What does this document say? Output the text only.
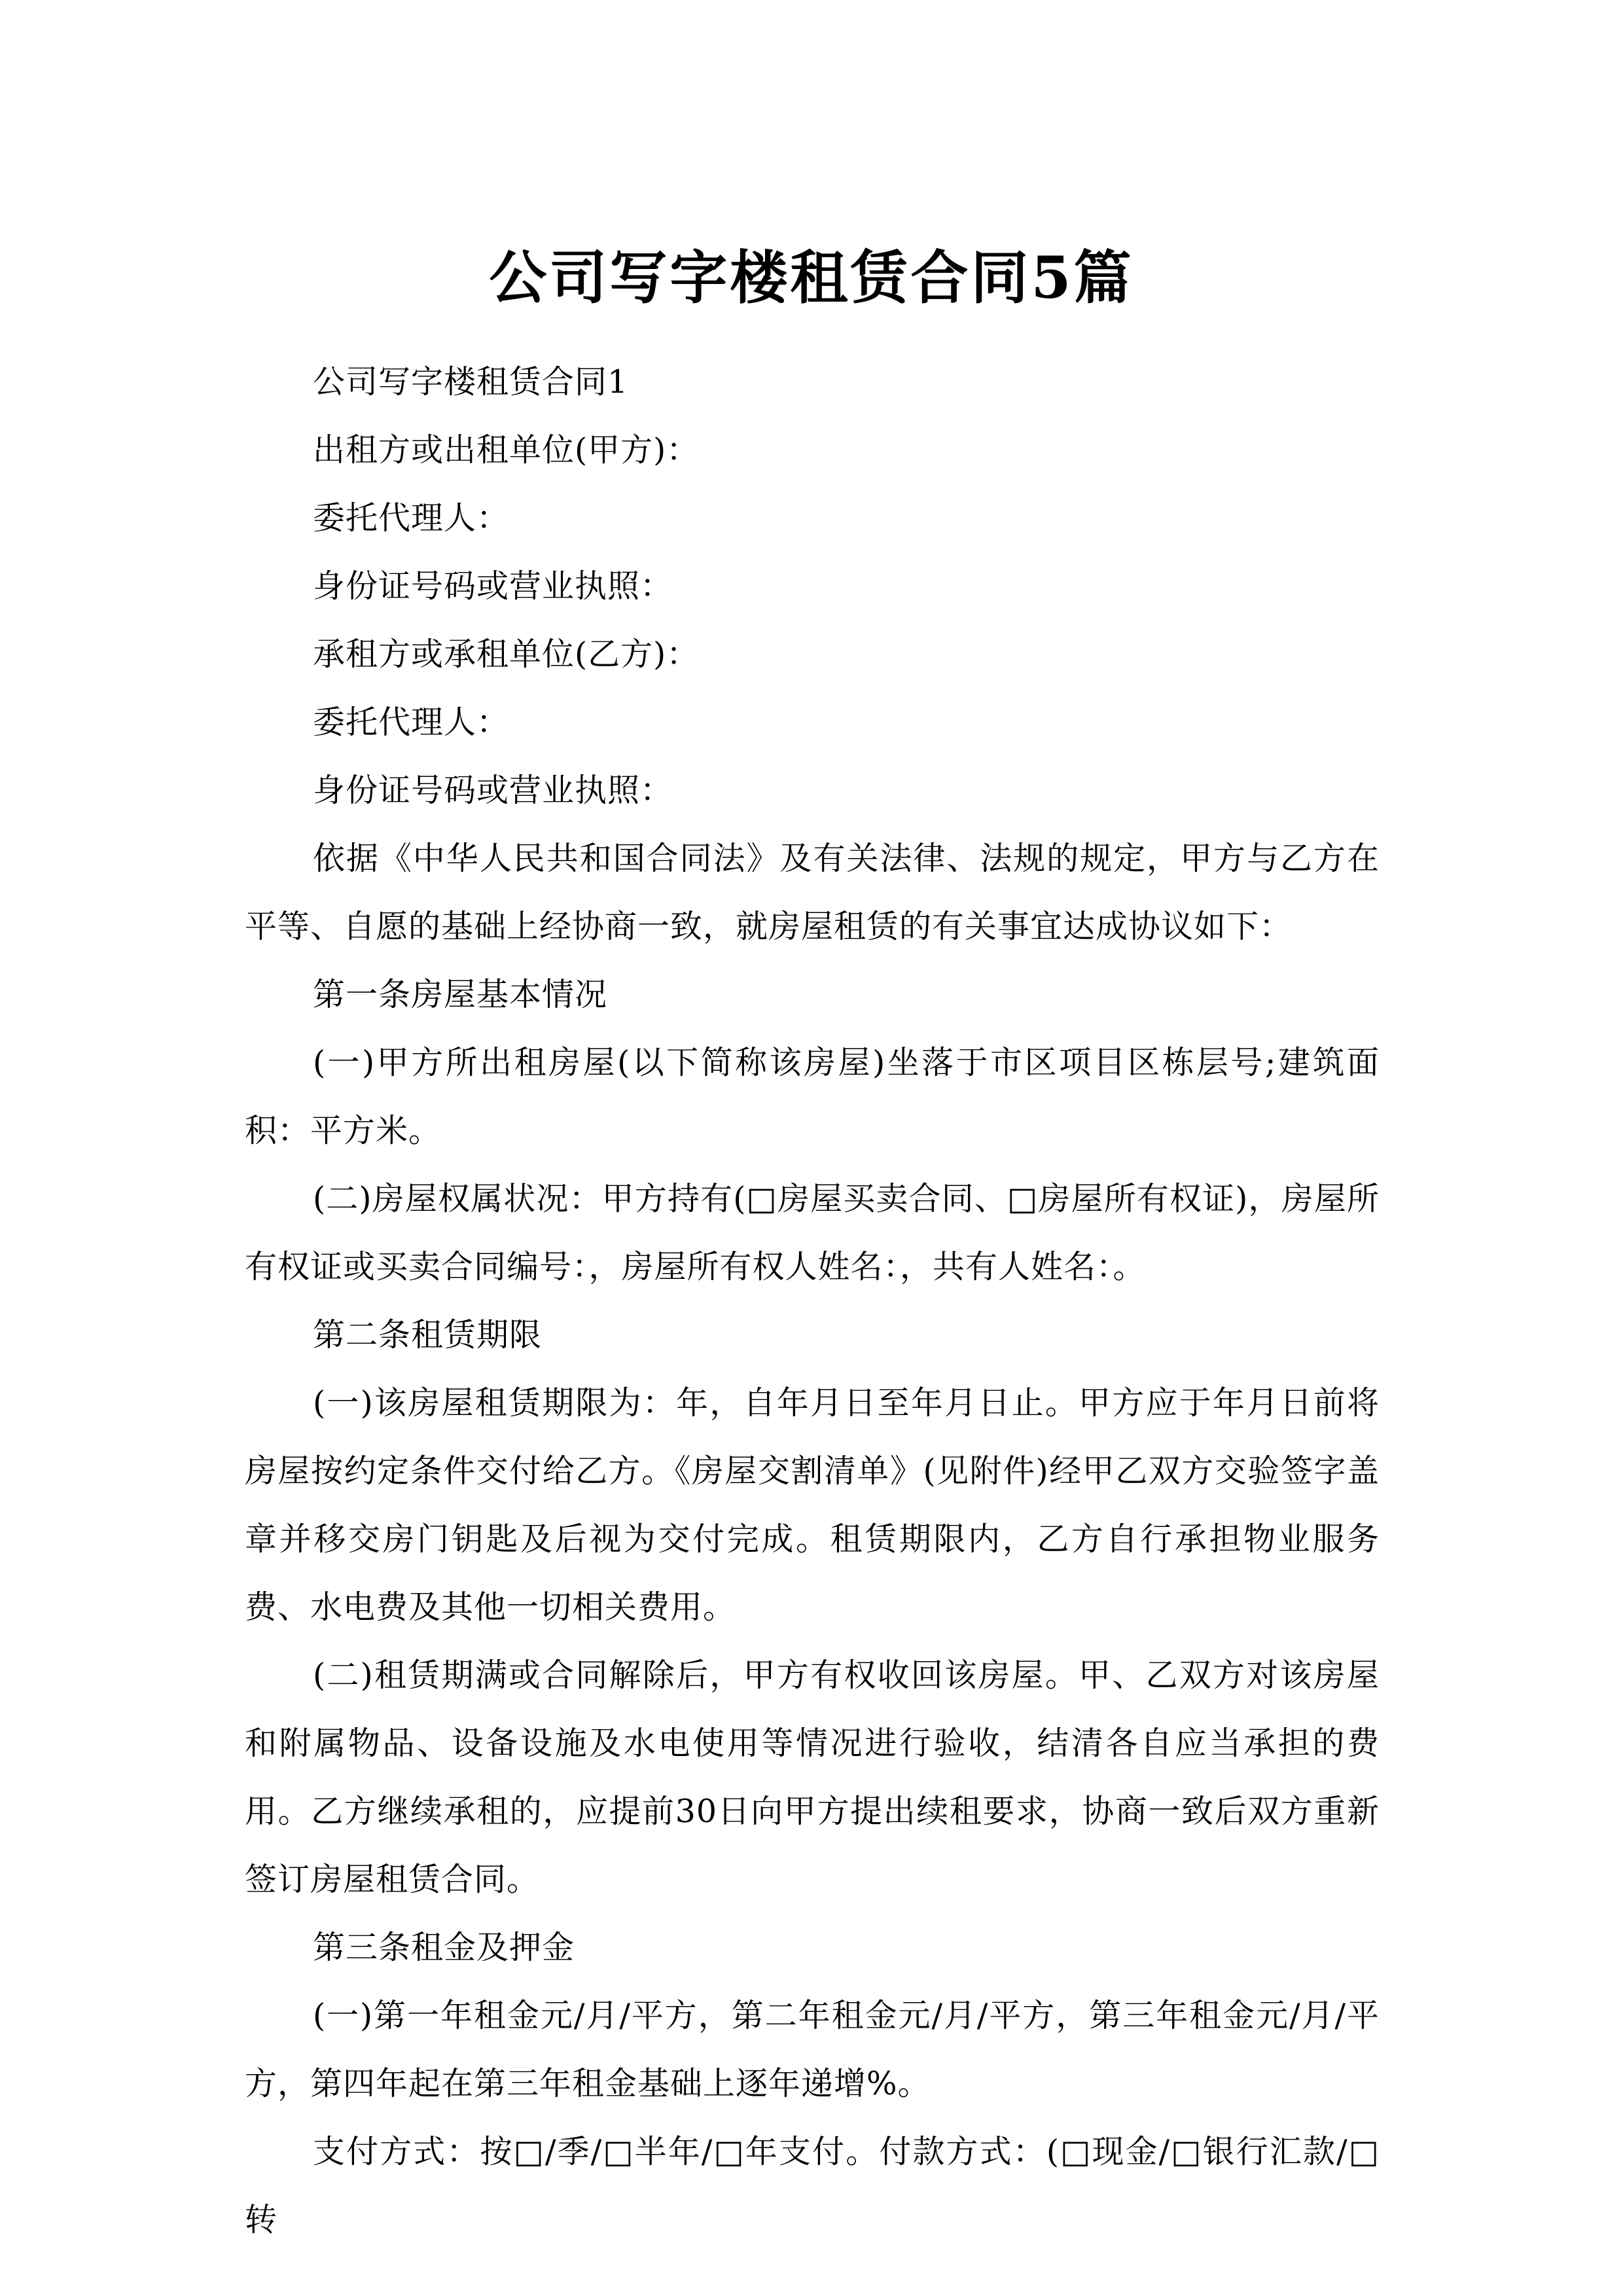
公司写字楼租赁合同5篇

公司写字楼租赁合同1

出租方或出租单位(甲方)：

委托代理人：

身份证号码或营业执照：

承租方或承租单位(乙方)：

委托代理人：

身份证号码或营业执照：

依据《中华人民共和国合同法》及有关法律、法规的规定，甲方与乙方在平等、自愿的基础上经协商一致，就房屋租赁的有关事宜达成协议如下：

第一条房屋基本情况

(一)甲方所出租房屋(以下简称该房屋)坐落于市区项目区栋层号;建筑面积：平方米。

(二)房屋权属状况：甲方持有(□房屋买卖合同、□房屋所有权证)，房屋所有权证或买卖合同编号：，房屋所有权人姓名：，共有人姓名：。

第二条租赁期限

(一)该房屋租赁期限为：年，自年月日至年月日止。甲方应于年月日前将房屋按约定条件交付给乙方。《房屋交割清单》(见附件)经甲乙双方交验签字盖章并移交房门钥匙及后视为交付完成。租赁期限内，乙方自行承担物业服务费、水电费及其他一切相关费用。

(二)租赁期满或合同解除后，甲方有权收回该房屋。甲、乙双方对该房屋和附属物品、设备设施及水电使用等情况进行验收，结清各自应当承担的费用。乙方继续承租的，应提前30日向甲方提出续租要求，协商一致后双方重新签订房屋租赁合同。

第三条租金及押金

(一)第一年租金元/月/平方，第二年租金元/月/平方，第三年租金元/月/平方，第四年起在第三年租金基础上逐年递增%。

支付方式：按□/季/□半年/□年支付。付款方式：(□现金/□银行汇款/□转
